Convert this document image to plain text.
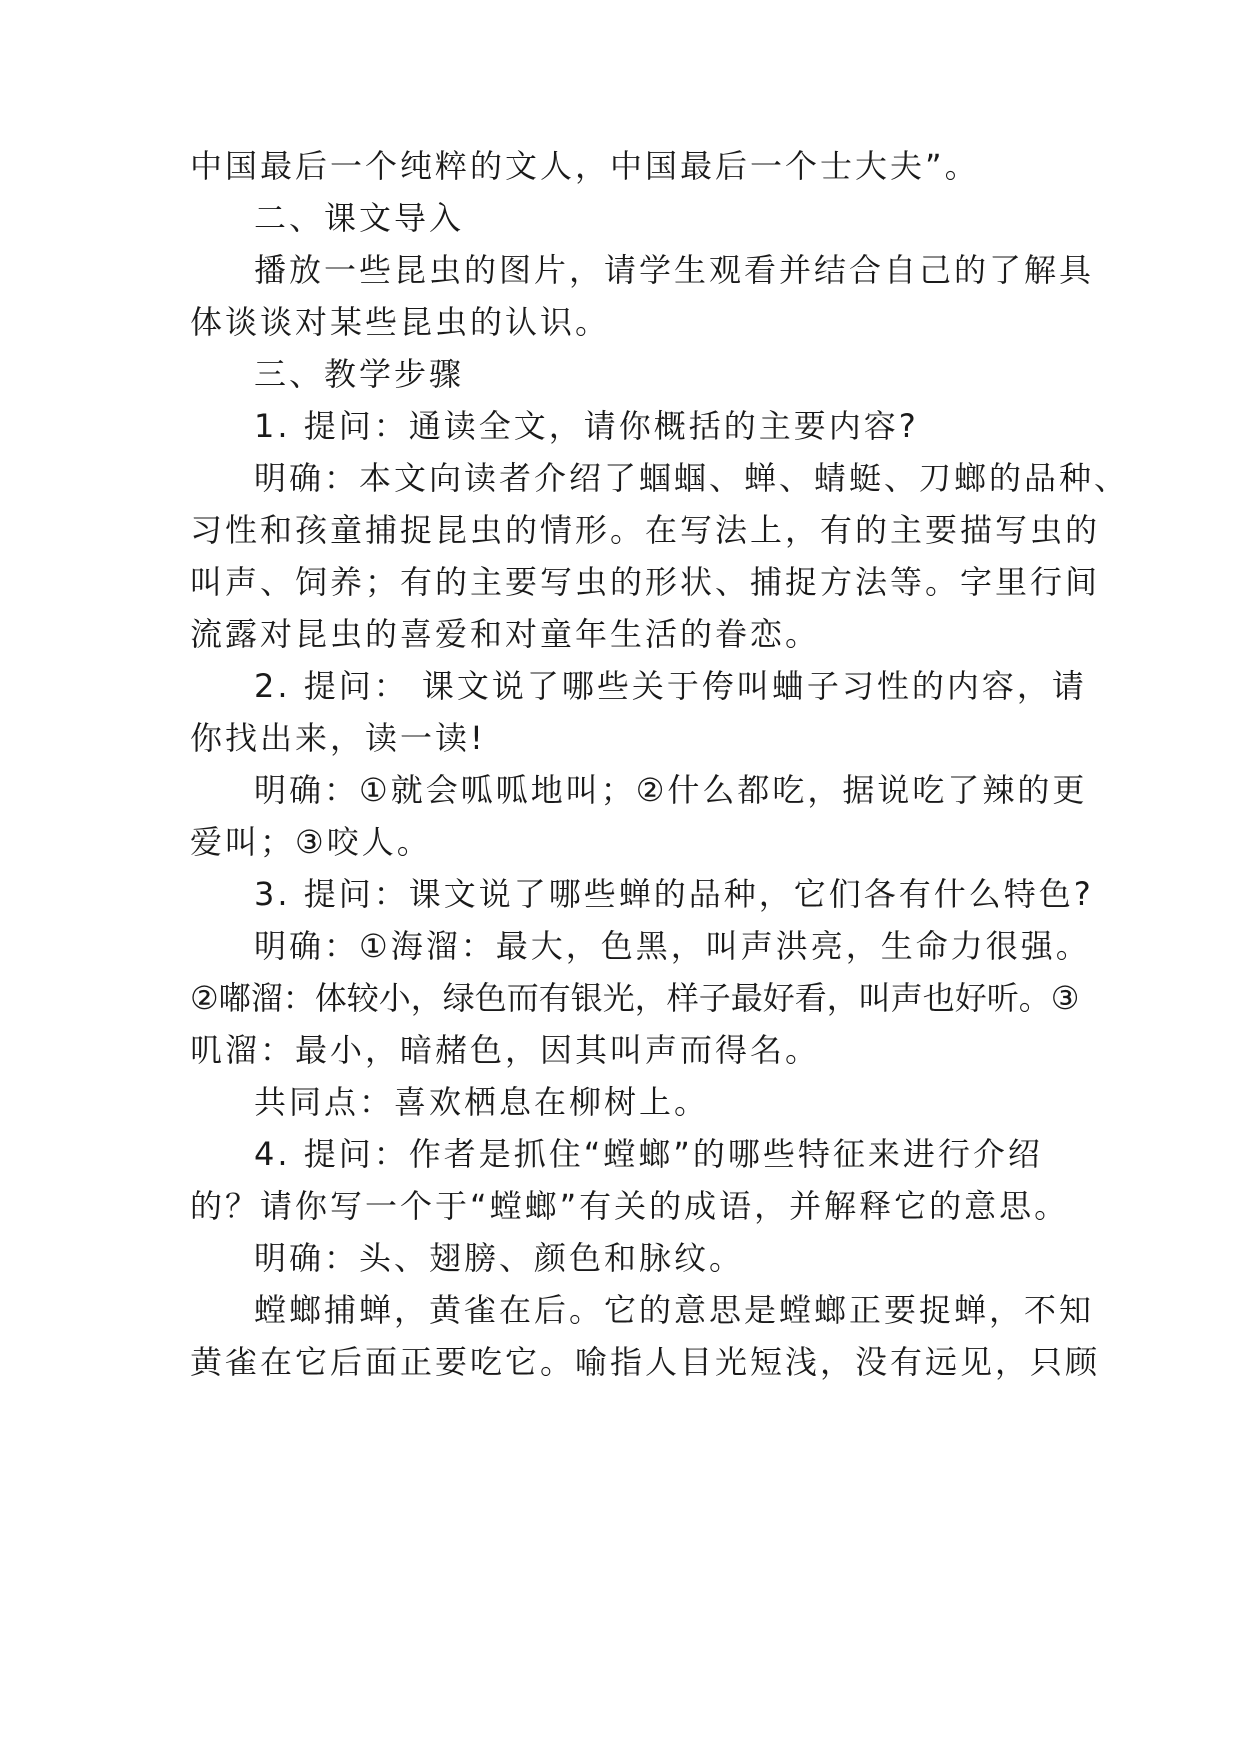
中国最后一个纯粹的文人，中国最后一个士大夫”。
二、课文导入
播放一些昆虫的图片，请学生观看并结合自己的了解具
体谈谈对某些昆虫的认识。
三、教学步骤
1. 提问：通读全文，请你概括的主要内容?
明确：本文向读者介绍了蝈蝈、蝉、蜻蜓、刀螂的品种、
习性和孩童捕捉昆虫的情形。在写法上，有的主要描写虫的
叫声、饲养；有的主要写虫的形状、捕捉方法等。字里行间
流露对昆虫的喜爱和对童年生活的眷恋。
2. 提问： 课文说了哪些关于侉叫蛐子习性的内容，请
你找出来，读一读!
明确：①就会呱呱地叫；②什么都吃，据说吃了辣的更
爱叫；③咬人。
3. 提问：课文说了哪些蝉的品种，它们各有什么特色?
明确：①海溜：最大，色黑，叫声洪亮，生命力很强。
②嘟溜：体较小，绿色而有银光，样子最好看，叫声也好听。③
叽溜：最小，暗赭色，因其叫声而得名。
共同点：喜欢栖息在柳树上。
4. 提问：作者是抓住“螳螂”的哪些特征来进行介绍
的？请你写一个于“螳螂”有关的成语，并解释它的意思。
明确：头、翅膀、颜色和脉纹。
螳螂捕蝉，黄雀在后。它的意思是螳螂正要捉蝉，不知
黄雀在它后面正要吃它。喻指人目光短浅，没有远见，只顾
